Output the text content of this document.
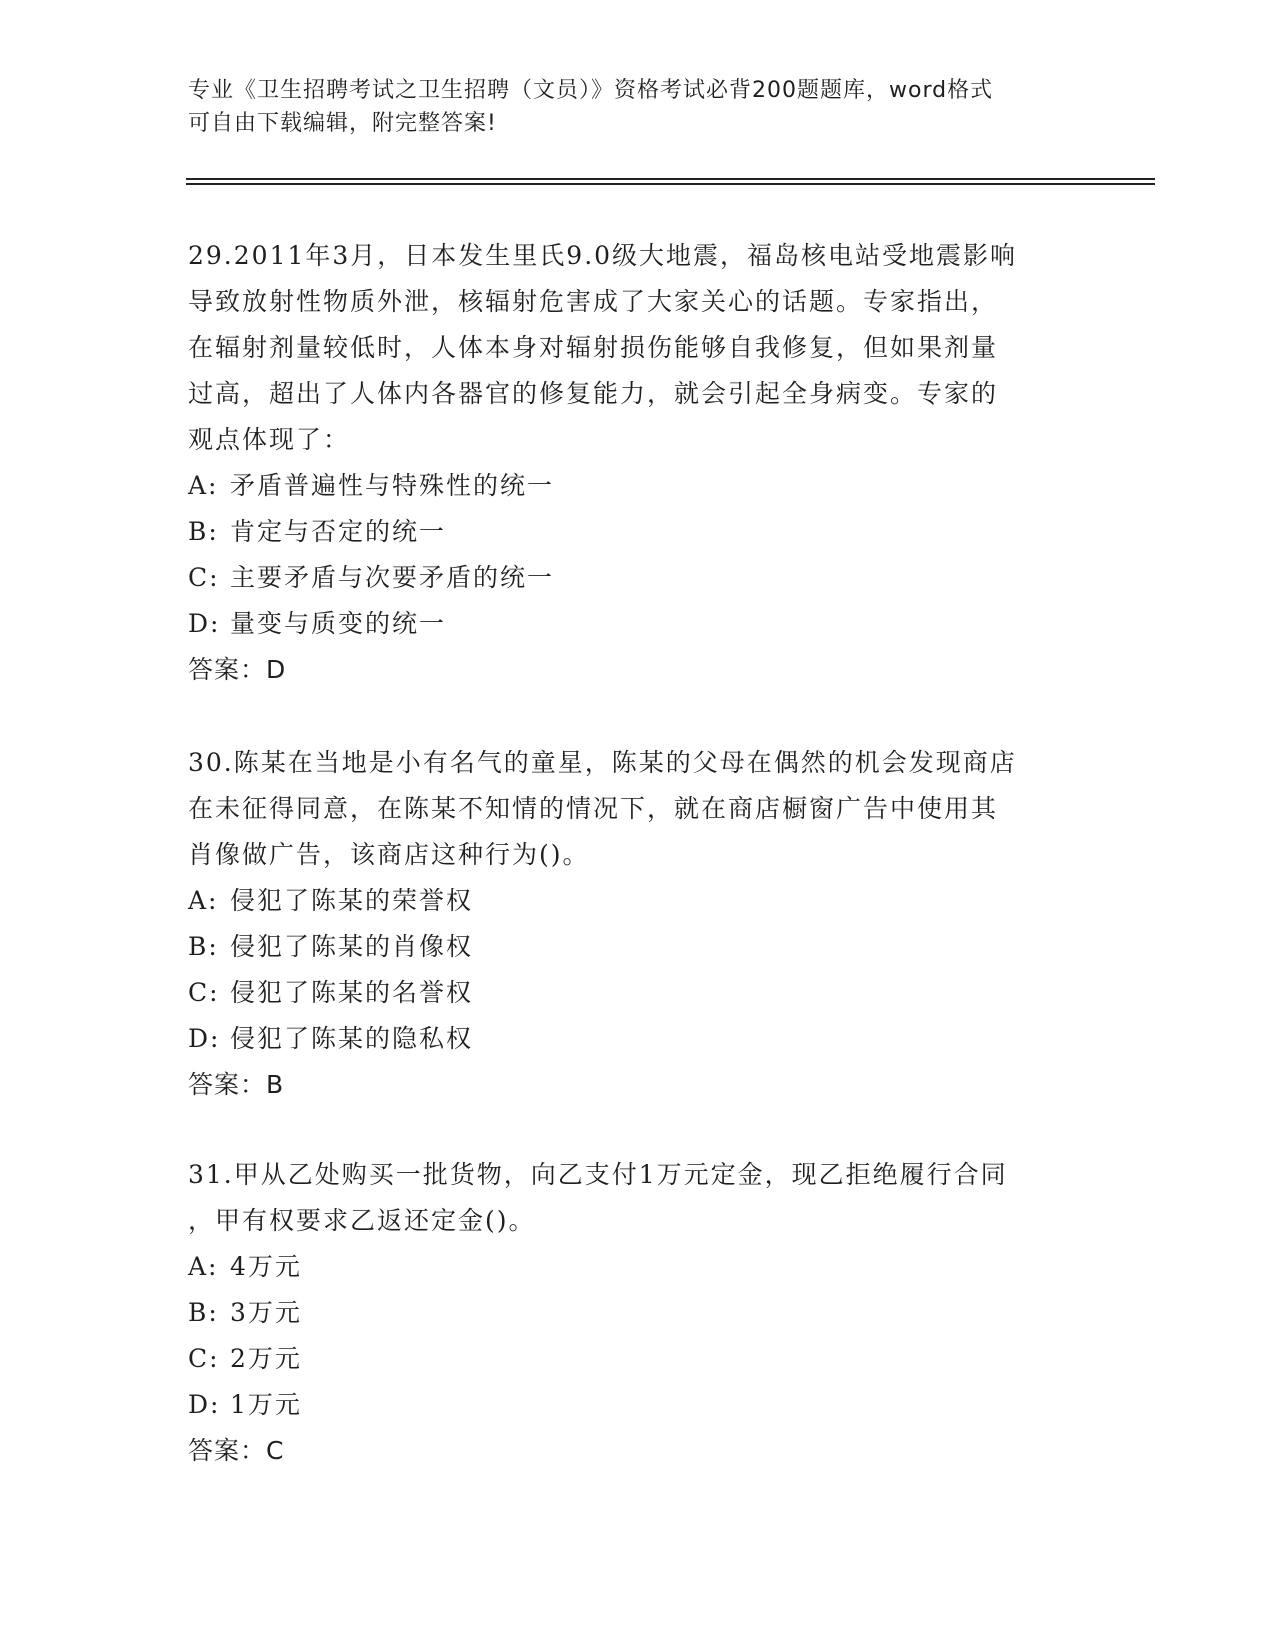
专业《卫生招聘考试之卫生招聘（文员）》资格考试必背200题题库，word格式
可自由下载编辑，附完整答案!

29.2011年3月，日本发生里氏9.0级大地震，福岛核电站受地震影响

导致放射性物质外泄，核辐射危害成了大家关心的话题。专家指出，

在辐射剂量较低时，人体本身对辐射损伤能够自我修复，但如果剂量

过高，超出了人体内各器官的修复能力，就会引起全身病变。专家的

观点体现了：

A: 矛盾普遍性与特殊性的统一

B: 肯定与否定的统一

C: 主要矛盾与次要矛盾的统一

D: 量变与质变的统一

答案：D

30.陈某在当地是小有名气的童星，陈某的父母在偶然的机会发现商店

在未征得同意，在陈某不知情的情况下，就在商店橱窗广告中使用其

肖像做广告，该商店这种行为()。

A: 侵犯了陈某的荣誉权

B: 侵犯了陈某的肖像权

C: 侵犯了陈某的名誉权

D: 侵犯了陈某的隐私权

答案：B

31.甲从乙处购买一批货物，向乙支付1万元定金，现乙拒绝履行合同

，甲有权要求乙返还定金()。

A: 4万元

B: 3万元

C: 2万元

D: 1万元

答案：C
